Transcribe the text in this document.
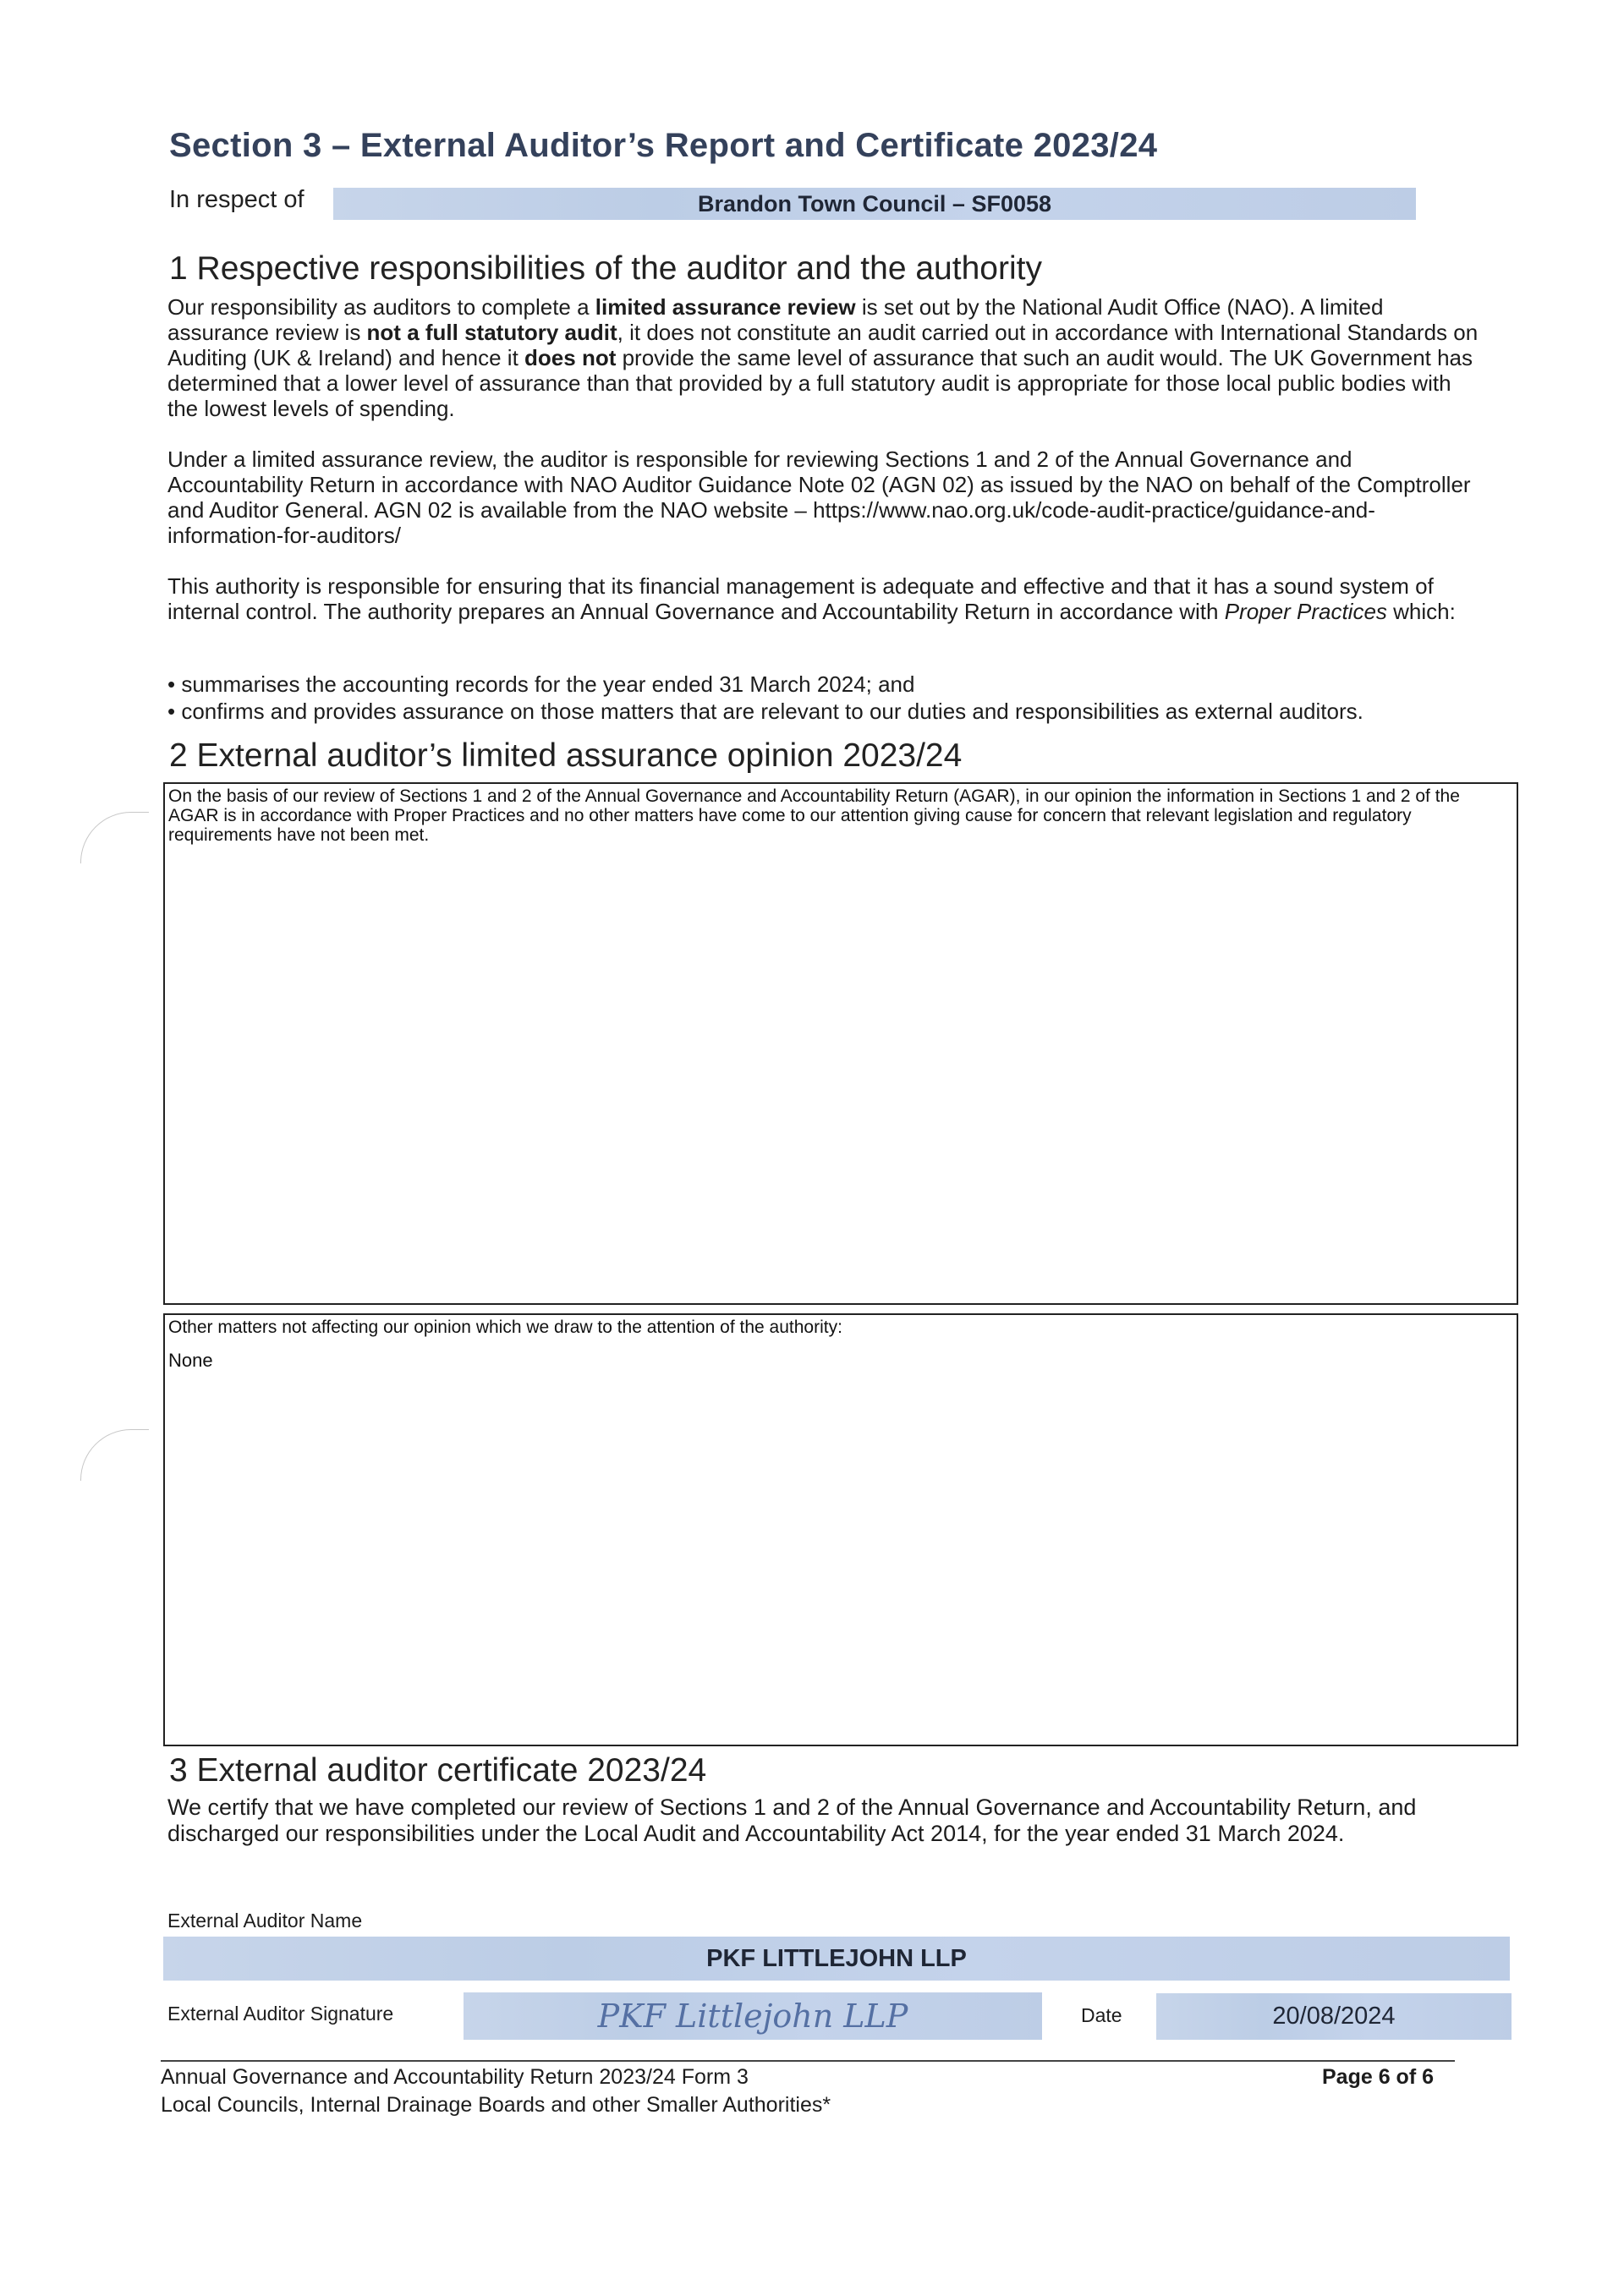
Section 3 – External Auditor’s Report and Certificate 2023/24
In respect of	Brandon Town Council – SF0058
1 Respective responsibilities of the auditor and the authority
Our responsibility as auditors to complete a limited assurance review is set out by the National Audit Office (NAO). A limited assurance review is not a full statutory audit, it does not constitute an audit carried out in accordance with International Standards on Auditing (UK & Ireland) and hence it does not provide the same level of assurance that such an audit would. The UK Government has determined that a lower level of assurance than that provided by a full statutory audit is appropriate for those local public bodies with the lowest levels of spending.
Under a limited assurance review, the auditor is responsible for reviewing Sections 1 and 2 of the Annual Governance and Accountability Return in accordance with NAO Auditor Guidance Note 02 (AGN 02) as issued by the NAO on behalf of the Comptroller and Auditor General. AGN 02 is available from the NAO website – https://www.nao.org.uk/code-audit-practice/guidance-and-information-for-auditors/
This authority is responsible for ensuring that its financial management is adequate and effective and that it has a sound system of internal control. The authority prepares an Annual Governance and Accountability Return in accordance with Proper Practices which:
• summarises the accounting records for the year ended 31 March 2024; and
• confirms and provides assurance on those matters that are relevant to our duties and responsibilities as external auditors.
2 External auditor’s limited assurance opinion 2023/24
On the basis of our review of Sections 1 and 2 of the Annual Governance and Accountability Return (AGAR), in our opinion the information in Sections 1 and 2 of the AGAR is in accordance with Proper Practices and no other matters have come to our attention giving cause for concern that relevant legislation and regulatory requirements have not been met.
Other matters not affecting our opinion which we draw to the attention of the authority:
None
3 External auditor certificate 2023/24
We certify that we have completed our review of Sections 1 and 2 of the Annual Governance and Accountability Return, and discharged our responsibilities under the Local Audit and Accountability Act 2014, for the year ended 31 March 2024.
External Auditor Name
PKF LITTLEJOHN LLP
External Auditor Signature	PKF Littlejohn LLP	Date	20/08/2024
Annual Governance and Accountability Return 2023/24 Form 3
Local Councils, Internal Drainage Boards and other Smaller Authorities*
Page 6 of 6
